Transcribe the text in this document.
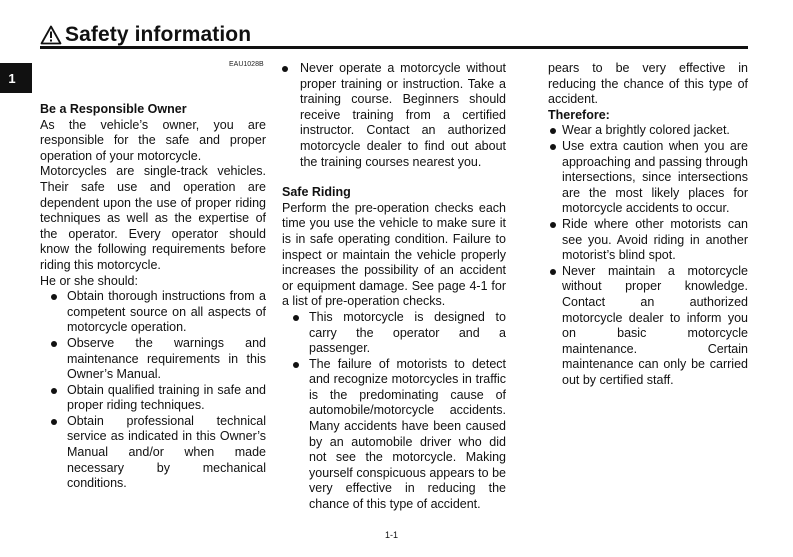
Safety information
1
EAU1028B

Be a Responsible Owner

As the vehicle’s owner, you are responsible for the safe and proper operation of your motorcycle.

Motorcycles are single-track vehicles. Their safe use and operation are dependent upon the use of proper riding techniques as well as the expertise of the operator. Every operator should know the following requirements before riding this motorcycle.

He or she should:

Obtain thorough instructions from a competent source on all aspects of motorcycle operation.
Observe the warnings and maintenance requirements in this Owner’s Manual.
Obtain qualified training in safe and proper riding techniques.
Obtain professional technical service as indicated in this Owner’s Manual and/or when made necessary by mechanical conditions.
Never operate a motorcycle without proper training or instruction. Take a training course. Beginners should receive training from a certified instructor. Contact an authorized motorcycle dealer to find out about the training courses nearest you.

Safe Riding

Perform the pre-operation checks each time you use the vehicle to make sure it is in safe operating condition. Failure to inspect or maintain the vehicle properly increases the possibility of an accident or equipment damage. See page 4-1 for a list of pre-operation checks.

This motorcycle is designed to carry the operator and a passenger.
The failure of motorists to detect and recognize motorcycles in traffic is the predominating cause of automobile/motorcycle accidents. Many accidents have been caused by an automobile driver who did not see the motorcycle. Making yourself conspicuous appears to be very effective in reducing the chance of this type of accident.

pears to be very effective in reducing the chance of this type of accident.

Therefore:

Wear a brightly colored jacket.
Use extra caution when you are approaching and passing through intersections, since intersections are the most likely places for motorcycle accidents to occur.
Ride where other motorists can see you. Avoid riding in another motorist’s blind spot.
Never maintain a motorcycle without proper knowledge. Contact an authorized motorcycle dealer to inform you on basic motorcycle maintenance. Certain maintenance can only be carried out by certified staff.
1-1
